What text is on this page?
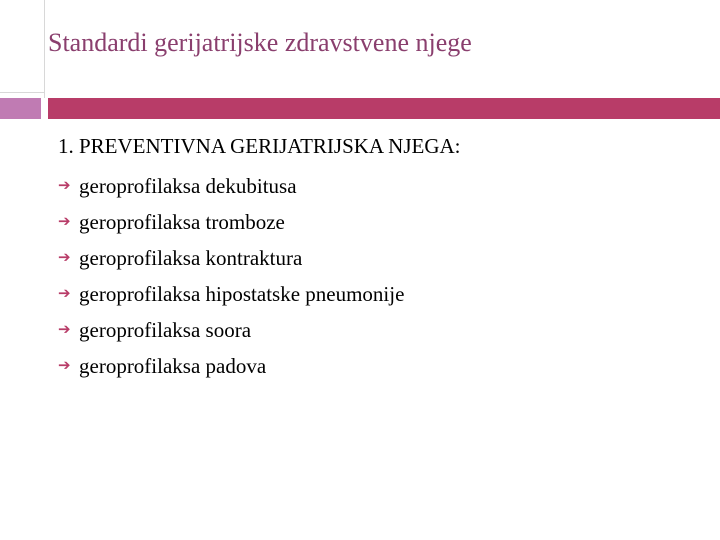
Standardi gerijatrijske zdravstvene njege
1. PREVENTIVNA GERIJATRIJSKA NJEGA:
➔ geroprofilaksa dekubitusa
➔ geroprofilaksa tromboze
➔ geroprofilaksa kontraktura
➔ geroprofilaksa hipostatske pneumonije
➔ geroprofilaksa soora
➔ geroprofilaksa padova
